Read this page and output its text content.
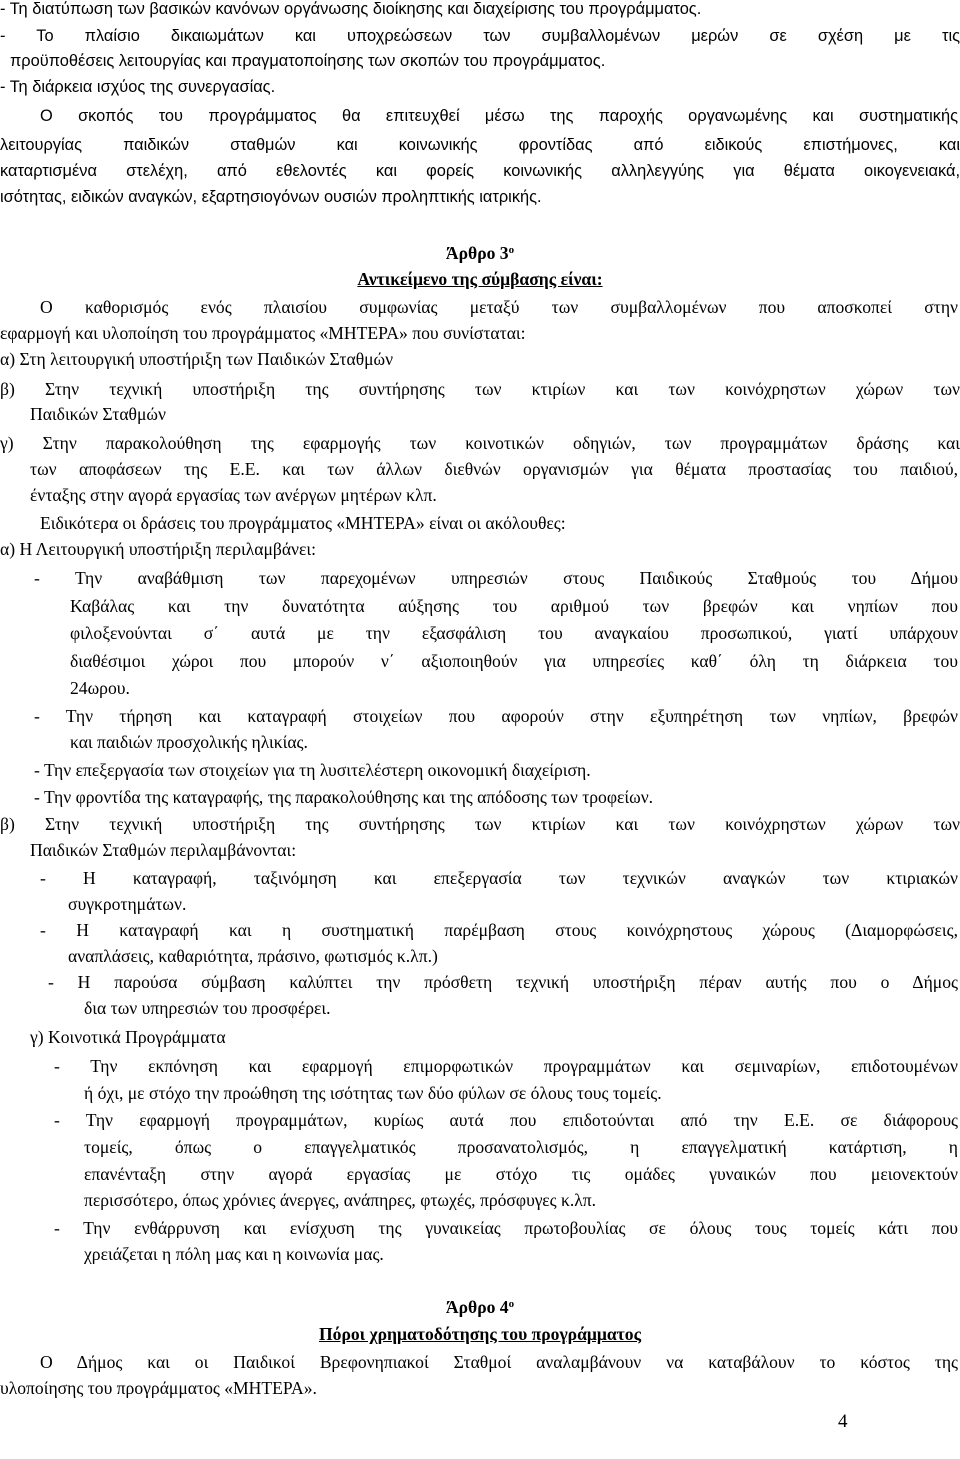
- Τη διατύπωση των βασικών κανόνων οργάνωσης διοίκησης και διαχείρισης του προγράμματος.

- Το πλαίσιο δικαιωμάτων και υποχρεώσεων των συμβαλλομένων μερών σε σχέση με τις

προϋποθέσεις λειτουργίας και πραγματοποίησης των σκοπών του προγράμματος.

- Τη διάρκεια ισχύος της συνεργασίας.

Ο σκοπός του προγράμματος θα επιτευχθεί μέσω της παροχής οργανωμένης και συστηματικής

λειτουργίας παιδικών σταθμών και κοινωνικής φροντίδας από ειδικούς επιστήμονες, και

καταρτισμένα στελέχη, από εθελοντές και φορείς κοινωνικής αλληλεγγύης για θέματα οικογενειακά,

ισότητας, ειδικών αναγκών, εξαρτησιογόνων ουσιών προληπτικής ιατρικής.

Άρθρο $3^o$

Αντικείμενο της σύμβασης είναι:

Ο καθορισμός ενός πλαισίου συμφωνίας μεταξύ των συμβαλλομένων που αποσκοπεί στην

εφαρμογή και υλοποίηση του προγράμματος «ΜΗΤΕΡΑ» που συνίσταται:

α) Στη λειτουργική υποστήριξη των Παιδικών Σταθμών

β) Στην τεχνική υποστήριξη της συντήρησης των κτιρίων και των κοινόχρηστων χώρων των

Παιδικών Σταθμών

γ) Στην παρακολούθηση της εφαρμογής των κοινοτικών οδηγιών, των προγραμμάτων δράσης και

των αποφάσεων της Ε.Ε. και των άλλων διεθνών οργανισμών για θέματα προστασίας του παιδιού,

ένταξης στην αγορά εργασίας των ανέργων μητέρων κλπ.

Ειδικότερα οι δράσεις του προγράμματος «ΜΗΤΕΡΑ» είναι οι ακόλουθες:

α) Η Λειτουργική υποστήριξη περιλαμβάνει:

- Την αναβάθμιση των παρεχομένων υπηρεσιών στους Παιδικούς Σταθμούς του Δήμου

Καβάλας και την δυνατότητα αύξησης του αριθμού των βρεφών και νηπίων που

φιλοξενούνται σ΄ αυτά με την εξασφάλιση του αναγκαίου προσωπικού, γιατί υπάρχουν

διαθέσιμοι χώροι που μπορούν ν΄ αξιοποιηθούν για υπηρεσίες καθ΄ όλη τη διάρκεια του

24ωρου.

- Την τήρηση και καταγραφή στοιχείων που αφορούν στην εξυπηρέτηση των νηπίων, βρεφών

και παιδιών προσχολικής ηλικίας.

- Την επεξεργασία των στοιχείων για τη λυσιτελέστερη οικονομική διαχείριση.

- Την φροντίδα της καταγραφής, της παρακολούθησης και της απόδοσης των τροφείων.

β) Στην τεχνική υποστήριξη της συντήρησης των κτιρίων και των κοινόχρηστων χώρων των

Παιδικών Σταθμών περιλαμβάνονται:

- Η καταγραφή, ταξινόμηση και επεξεργασία των τεχνικών αναγκών των κτιριακών

συγκροτημάτων.

- Η καταγραφή και η συστηματική παρέμβαση στους κοινόχρηστους χώρους (Διαμορφώσεις,

αναπλάσεις, καθαριότητα, πράσινο, φωτισμός κ.λπ.)

- Η παρούσα σύμβαση καλύπτει την πρόσθετη τεχνική υποστήριξη πέραν αυτής που ο Δήμος

δια των υπηρεσιών του προσφέρει.

γ) Κοινοτικά Προγράμματα

- Την εκπόνηση και εφαρμογή επιμορφωτικών προγραμμάτων και σεμιναρίων, επιδοτουμένων

ή όχι, με στόχο την προώθηση της ισότητας των δύο φύλων σε όλους τους τομείς.

- Την εφαρμογή προγραμμάτων, κυρίως αυτά που επιδοτούνται από την Ε.Ε. σε διάφορους

τομείς, όπως ο επαγγελματικός προσανατολισμός, η επαγγελματική κατάρτιση, η

επανένταξη στην αγορά εργασίας με στόχο τις ομάδες γυναικών που μειονεκτούν

περισσότερο, όπως χρόνιες άνεργες, ανάπηρες, φτωχές, πρόσφυγες κ.λπ.

- Την ενθάρρυνση και ενίσχυση της γυναικείας πρωτοβουλίας σε όλους τους τομείς κάτι που

χρειάζεται η πόλη μας και η κοινωνία μας.

Άρθρο $4^o$

Πόροι χρηματοδότησης του προγράμματος

Ο Δήμος και οι Παιδικοί Βρεφονηπιακοί Σταθμοί αναλαμβάνουν να καταβάλουν το κόστος της

υλοποίησης του προγράμματος «ΜΗΤΕΡΑ».

4
